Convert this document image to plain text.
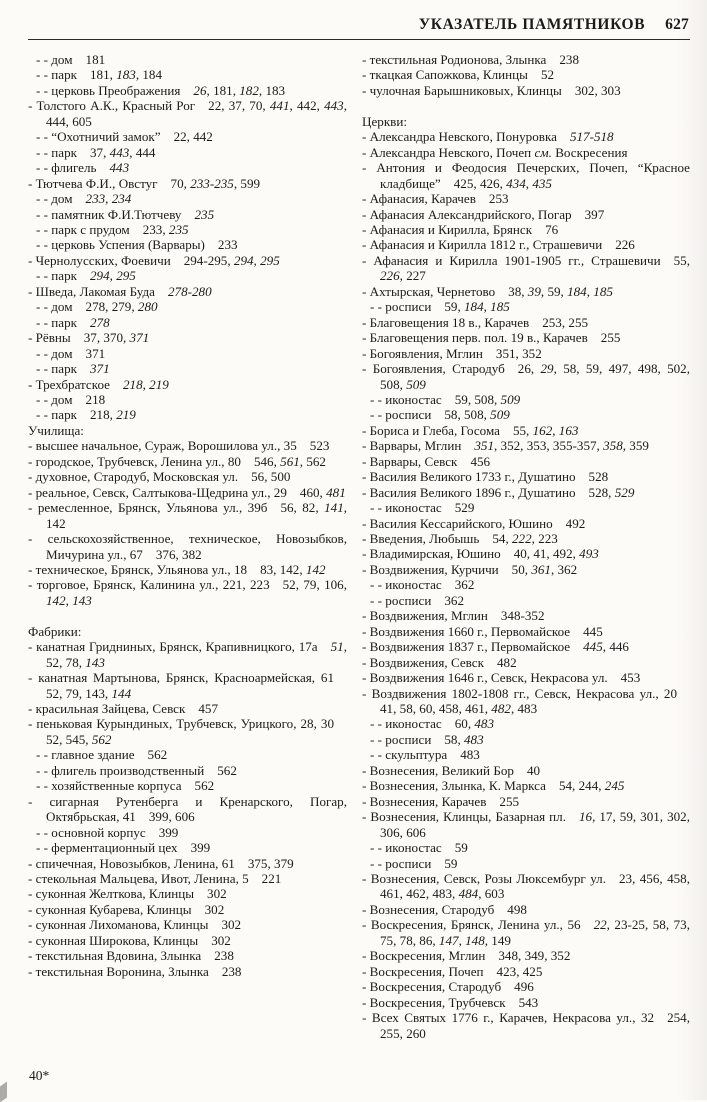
УКАЗАТЕЛЬ ПАМЯТНИКОВ 627
- - дом 181
- - парк 181, 183, 184
- - церковь Преображения 26, 181, 182, 183
- Толстого А.К., Красный Рог 22, 37, 70, 441, 442, 443, 444, 605
- - “Охотничий замок” 22, 442
- - парк 37, 443, 444
- - флигель 443
- Тютчева Ф.И., Овстуг 70, 233-235, 599
- - дом 233, 234
- - памятник Ф.И.Тютчеву 235
- - парк с прудом 233, 235
- - церковь Успения (Варвары) 233
- Чернолусских, Фоевичи 294-295, 294, 295
- - парк 294, 295
- Шведа, Лакомая Буда 278-280
- - дом 278, 279, 280
- - парк 278
- Рёвны 37, 370, 371
- - дом 371
- - парк 371
- Трехбратское 218, 219
- - дом 218
- - парк 218, 219
Училища:
- высшее начальное, Сураж, Ворошилова ул., 35 523
- городское, Трубчевск, Ленина ул., 80 546, 561, 562
- духовное, Стародуб, Московская ул. 56, 500
- реальное, Севск, Салтыкова-Щедрина ул., 29 460, 481
- ремесленное, Брянск, Ульянова ул., 39б 56, 82, 141, 142
- сельскохозяйственное, техническое, Новозыбков, Мичурина ул., 67 376, 382
- техническое, Брянск, Ульянова ул., 18 83, 142, 142
- торговое, Брянск, Калинина ул., 221, 223 52, 79, 106, 142, 143
Фабрики:
- канатная Гридниных, Брянск, Крапивницкого, 17а 51, 52, 78, 143
- канатная Мартынова, Брянск, Красноармейская, 6152, 79, 143, 144
- красильная Зайцева, Севск 457
- пеньковая Курындиных, Трубчевск, Урицкого, 28, 3052, 545, 562
- - главное здание 562
- - флигель производственный 562
- - хозяйственные корпуса 562
- сигарная Рутенберга и Кренарского, Погар, Октябрьская, 41 399, 606
- - основной корпус 399
- - ферментационный цех 399
- спичечная, Новозыбков, Ленина, 61 375, 379
- стекольная Мальцева, Ивот, Ленина, 5 221
- суконная Желткова, Клинцы 302
- суконная Кубарева, Клинцы 302
- суконная Лихоманова, Клинцы 302
- суконная Широкова, Клинцы 302
- текстильная Вдовина, Злынка 238
- текстильная Воронина, Злынка 238
- текстильная Родионова, Злынка 238
- ткацкая Сапожкова, Клинцы 52
- чулочная Барышниковых, Клинцы 302, 303
Церкви:
- Александра Невского, Понуровка 517-518
- Александра Невского, Почеп см. Воскресения
- Антония и Феодосия Печерских, Почеп, “Красное кладбище” 425, 426, 434, 435
- Афанасия, Карачев 253
- Афанасия Александрийского, Погар 397
- Афанасия и Кирилла, Брянск 76
- Афанасия и Кирилла 1812 г., Страшевичи 226
- Афанасия и Кирилла 1901-1905 гг., Страшевичи 55, 226, 227
- Ахтырская, Чернетово 38, 39, 59, 184, 185
- - росписи 59, 184, 185
- Благовещения 18 в., Карачев 253, 255
- Благовещения перв. пол. 19 в., Карачев 255
- Богоявления, Мглин 351, 352
- Богоявления, Стародуб 26, 29, 58, 59, 497, 498, 502, 508, 509
- - иконостас 59, 508, 509
- - росписи 58, 508, 509
- Бориса и Глеба, Госома 55, 162, 163
- Варвары, Мглин 351, 352, 353, 355-357, 358, 359
- Варвары, Севск 456
- Василия Великого 1733 г., Душатино 528
- Василия Великого 1896 г., Душатино 528, 529
- - иконостас 529
- Василия Кессарийского, Юшино 492
- Введения, Любышь 54, 222, 223
- Владимирская, Юшино 40, 41, 492, 493
- Воздвижения, Курчичи 50, 361, 362
- - иконостас 362
- - росписи 362
- Воздвижения, Мглин 348-352
- Воздвижения 1660 г., Первомайское 445
- Воздвижения 1837 г., Первомайское 445, 446
- Воздвижения, Севск 482
- Воздвижения 1646 г., Севск, Некрасова ул. 453
- Воздвижения 1802-1808 гг., Севск, Некрасова ул., 2041, 58, 60, 458, 461, 482, 483
- - иконостас 60, 483
- - росписи 58, 483
- - скульптура 483
- Вознесения, Великий Бор 40
- Вознесения, Злынка, К. Маркса 54, 244, 245
- Вознесения, Карачев 255
- Вознесения, Клинцы, Базарная пл. 16, 17, 59, 301, 302, 306, 606
- - иконостас 59
- - росписи 59
- Вознесения, Севск, Розы Люксембург ул. 23, 456, 458, 461, 462, 483, 484, 603
- Вознесения, Стародуб 498
- Воскресения, Брянск, Ленина ул., 56 22, 23-25, 58, 73, 75, 78, 86, 147, 148, 149
- Воскресения, Мглин 348, 349, 352
- Воскресения, Почеп 423, 425
- Воскресения, Стародуб 496
- Воскресения, Трубчевск 543
- Всех Святых 1776 г., Карачев, Некрасова ул., 32 254, 255, 260
40*
